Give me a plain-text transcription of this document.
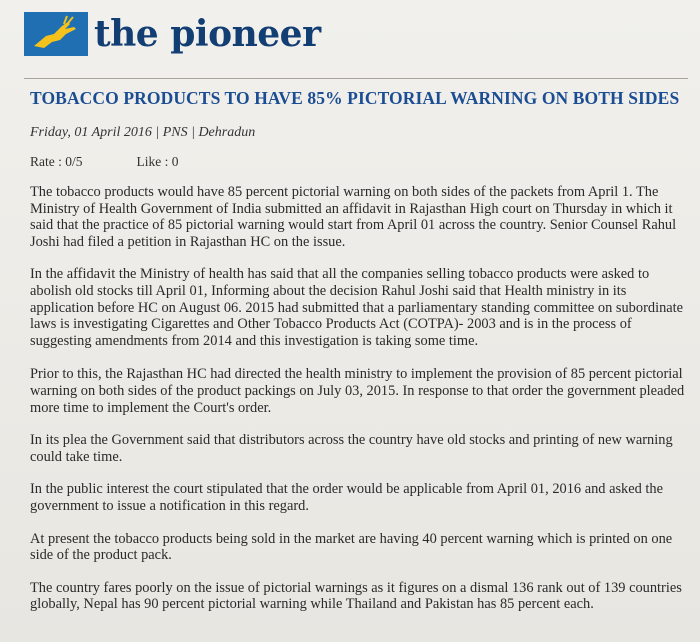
the pioneer
TOBACCO PRODUCTS TO HAVE 85% PICTORIAL WARNING ON BOTH SIDES
Friday, 01 April 2016 | PNS | Dehradun
Rate : 0/5	Like : 0

The tobacco products would have 85 percent pictorial warning on both sides of the packets from April 1. The Ministry of Health Government of India submitted an affidavit in Rajasthan High court on Thursday in which it said that the practice of 85 pictorial warning would start from April 01 across the country. Senior Counsel Rahul Joshi had filed a petition in Rajasthan HC on the issue.

In the affidavit the Ministry of health has said that all the companies selling tobacco products were asked to abolish old stocks till April 01, Informing about the decision Rahul Joshi said that Health ministry in its application before HC on August 06. 2015 had submitted that a parliamentary standing committee on subordinate laws is investigating Cigarettes and Other Tobacco Products Act (COTPA)- 2003 and is in the process of suggesting amendments from 2014 and this investigation is taking some time.

Prior to this, the Rajasthan HC had directed the health ministry to implement the provision of 85 percent pictorial warning on both sides of the product packings on July 03, 2015. In response to that order the government pleaded more time to implement the Court's order.

In its plea the Government said that distributors across the country have old stocks and printing of new warning could take time.

In the public interest the court stipulated that the order would be applicable from April 01, 2016 and asked the government to issue a notification in this regard.

At present the tobacco products being sold in the market are having 40 percent warning which is printed on one side of the product pack.

The country fares poorly on the issue of pictorial warnings as it figures on a dismal 136 rank out of 139 countries globally, Nepal has 90 percent pictorial warning while Thailand and Pakistan has 85 percent each.
